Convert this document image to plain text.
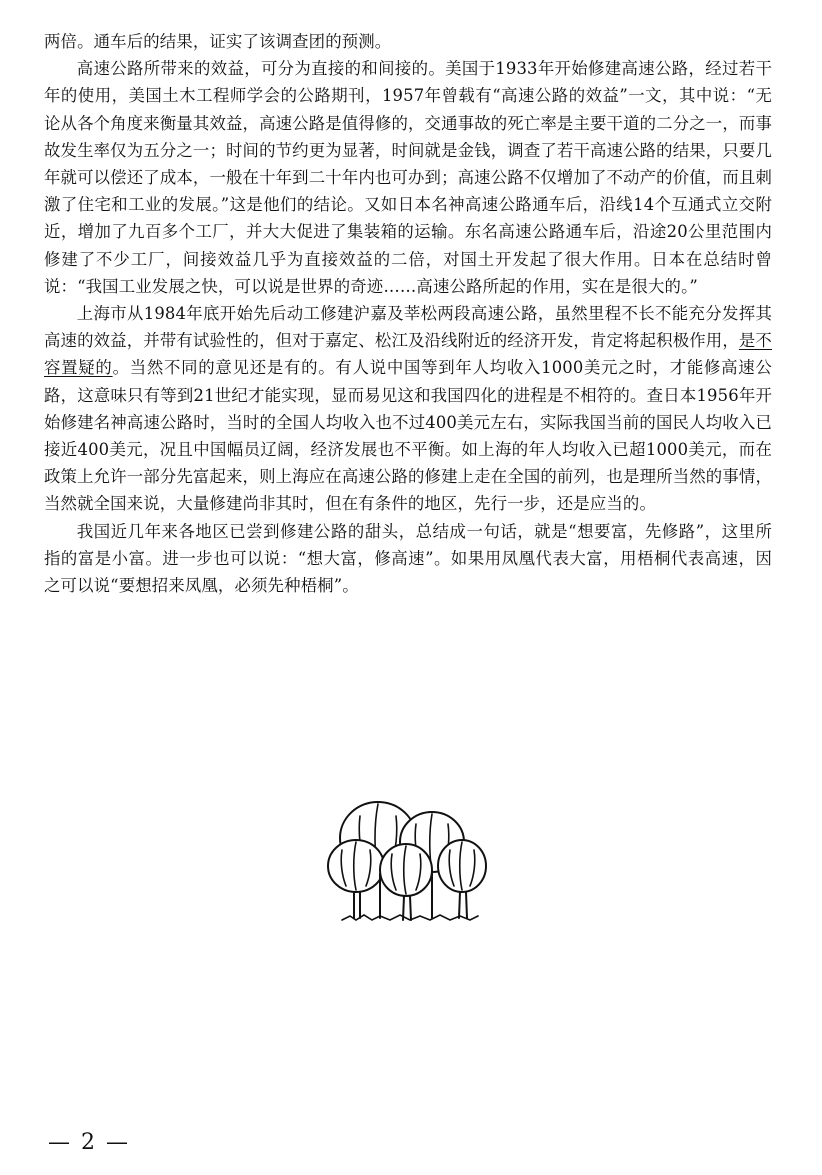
两倍。通车后的结果，证实了该调查团的预测。

高速公路所带来的效益，可分为直接的和间接的。美国于1933年开始修建高速公路，经过若干年的使用，美国土木工程师学会的公路期刊，1957年曾载有“高速公路的效益”一文，其中说：“无论从各个角度来衡量其效益，高速公路是值得修的，交通事故的死亡率是主要干道的二分之一，而事故发生率仅为五分之一；时间的节约更为显著，时间就是金钱，调查了若干高速公路的结果，只要几年就可以偿还了成本，一般在十年到二十年内也可办到；高速公路不仅增加了不动产的价值，而且刺激了住宅和工业的发展。”这是他们的结论。又如日本名神高速公路通车后，沿线14个互通式立交附近，增加了九百多个工厂，并大大促进了集装箱的运输。东名高速公路通车后，沿途20公里范围内修建了不少工厂，间接效益几乎为直接效益的二倍，对国土开发起了很大作用。日本在总结时曾说：“我国工业发展之快，可以说是世界的奇迹……高速公路所起的作用，实在是很大的。”

上海市从1984年底开始先后动工修建沪嘉及莘松两段高速公路，虽然里程不长不能充分发挥其高速的效益，并带有试验性的，但对于嘉定、松江及沿线附近的经济开发，肯定将起积极作用，是不容置疑的。当然不同的意见还是有的。有人说中国等到年人均收入1000美元之时，才能修高速公路，这意味只有等到21世纪才能实现，显而易见这和我国四化的进程是不相符的。查日本1956年开始修建名神高速公路时，当时的全国人均收入也不过400美元左右，实际我国当前的国民人均收入已接近400美元，况且中国幅员辽阔，经济发展也不平衡。如上海的年人均收入已超1000美元，而在政策上允许一部分先富起来，则上海应在高速公路的修建上走在全国的前列，也是理所当然的事情，当然就全国来说，大量修建尚非其时，但在有条件的地区，先行一步，还是应当的。

我国近几年来各地区已尝到修建公路的甜头，总结成一句话，就是“想要富，先修路”，这里所指的富是小富。进一步也可以说：“想大富，修高速”。如果用凤凰代表大富，用梧桐代表高速，因之可以说“要想招来凤凰，必须先种梧桐”。

— 2 —
